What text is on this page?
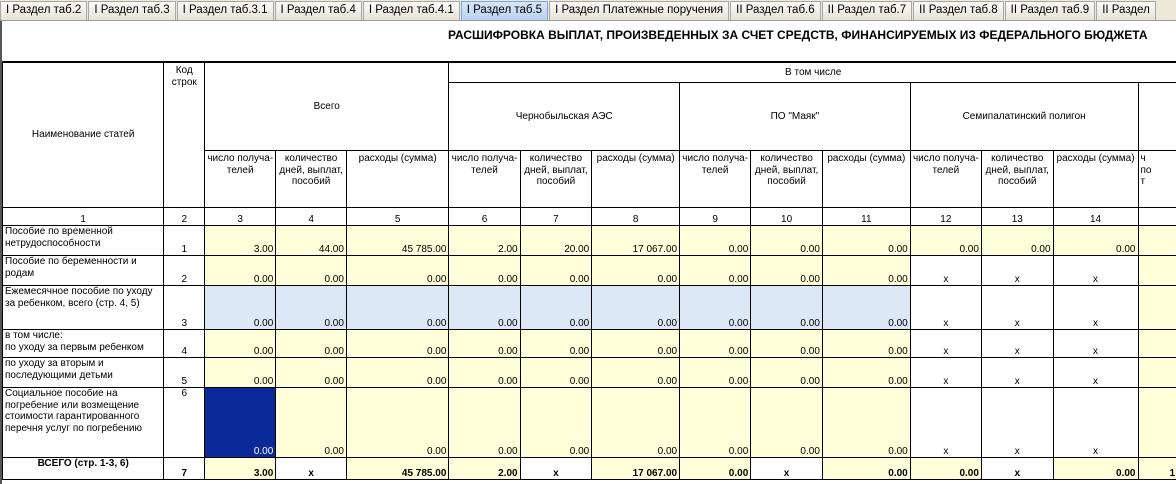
I Раздел таб.2 I Раздел таб.3 I Раздел таб.3.1 I Раздел таб.4 I Раздел таб.4.1 I Раздел таб.5 I Раздел Платежные поручения II Раздел таб.6 II Раздел таб.7 II Раздел таб.8 II Раздел таб.9 II Раздел
РАСШИФРОВКА ВЫПЛАТ, ПРОИЗВЕДЕННЫХ ЗА СЧЕТ СРЕДСТВ, ФИНАНСИРУЕМЫХ ИЗ ФЕДЕРАЛЬНОГО БЮДЖЕТА
Наименование статей	Код строк	Всего			В том числе									
					Чернобыльская АЭС			ПО "Маяк"			Семипалатинский полигон			
		число получа-телей	количество дней, выплат, пособий	расходы (сумма)	число получа-телей	количество дней, выплат, пособий	расходы (сумма)	число получа-телей	количество дней, выплат, пособий	расходы (сумма)	число получа-телей	количество дней, выплат, пособий	расходы (сумма)	ч
по
т
1	2	3	4	5	6	7	8	9	10	11	12	13	14	
Пособие по временной нетрудоспособности	1	3.00	44.00	45 785.00	2.00	20.00	17 067.00	0.00	0.00	0.00	0.00	0.00	0.00	
Пособие по беременности и родам	2	0.00	0.00	0.00	0.00	0.00	0.00	0.00	0.00	0.00	x	x	x	
Ежемесячное пособие по уходу за ребенком, всего (стр. 4, 5)	3	0.00	0.00	0.00	0.00	0.00	0.00	0.00	0.00	0.00	x	x	x	
в том числе:
по уходу за первым ребенком	4	0.00	0.00	0.00	0.00	0.00	0.00	0.00	0.00	0.00	x	x	x	
по уходу за вторым и последующими детьми	5	0.00	0.00	0.00	0.00	0.00	0.00	0.00	0.00	0.00	x	x	x	
Социальное пособие на погребение или возмещение стоимости гарантированного перечня услуг по погребению	6	0.00	0.00	0.00	0.00	0.00	0.00	0.00	0.00	0.00	x	x	x	
ВСЕГО (стр. 1-3, 6)	7	3.00	x	45 785.00	2.00	x	17 067.00	0.00	x	0.00	0.00	x	0.00	1
